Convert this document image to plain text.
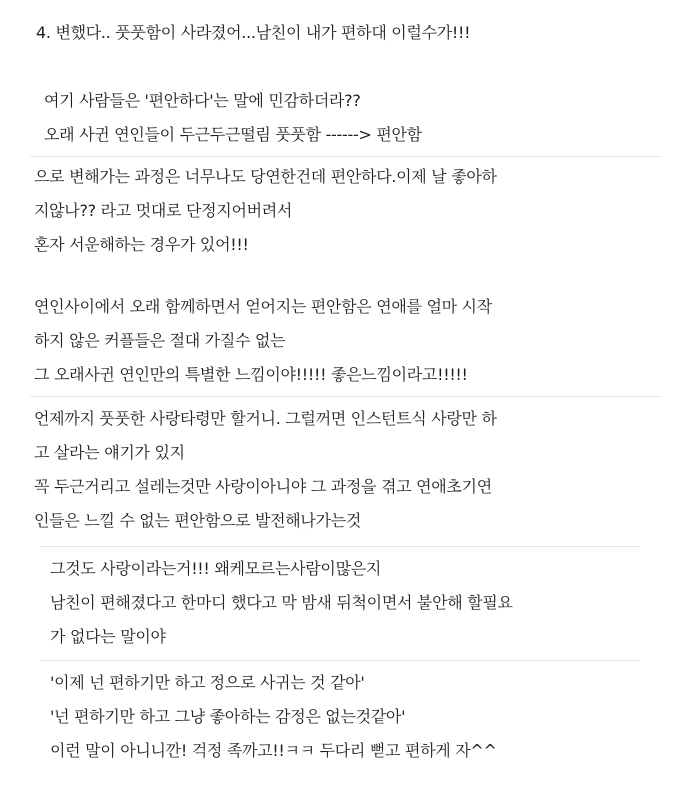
4. 변했다.. 풋풋함이 사라졌어...남친이 내가 편하대 이럴수가!!!
여기 사람들은 '편안하다'는 말에 민감하더라??
오래 사귄 연인들이 두근두근떨림 풋풋함 ------> 편안함
으로 변해가는 과정은 너무나도 당연한건데 편안하다.이제 날 좋아하
지않나?? 라고 멋대로 단정지어버려서
혼자 서운해하는 경우가 있어!!!
연인사이에서 오래 함께하면서 얻어지는 편안함은 연애를 얼마 시작
하지 않은 커플들은 절대 가질수 없는
그 오래사귄 연인만의 특별한 느낌이야!!!!! 좋은느낌이라고!!!!!
언제까지 풋풋한 사랑타령만 할거니. 그럴꺼면 인스턴트식 사랑만 하
고 살라는 얘기가 있지
꼭 두근거리고 설레는것만 사랑이아니야 그 과정을 겪고 연애초기연
인들은 느낄 수 없는 편안함으로 발전해나가는것
그것도 사랑이라는거!!! 왜케모르는사람이많은지
남친이 편해졌다고 한마디 했다고 막 밤새 뒤척이면서 불안해 할필요
가 없다는 말이야
'이제 넌 편하기만 하고 정으로 사귀는 것 같아'
'넌 편하기만 하고 그냥 좋아하는 감정은 없는것같아'
이런 말이 아니니깐! 걱정 족까고!!ㅋㅋ 두다리 뻗고 편하게 자^^
